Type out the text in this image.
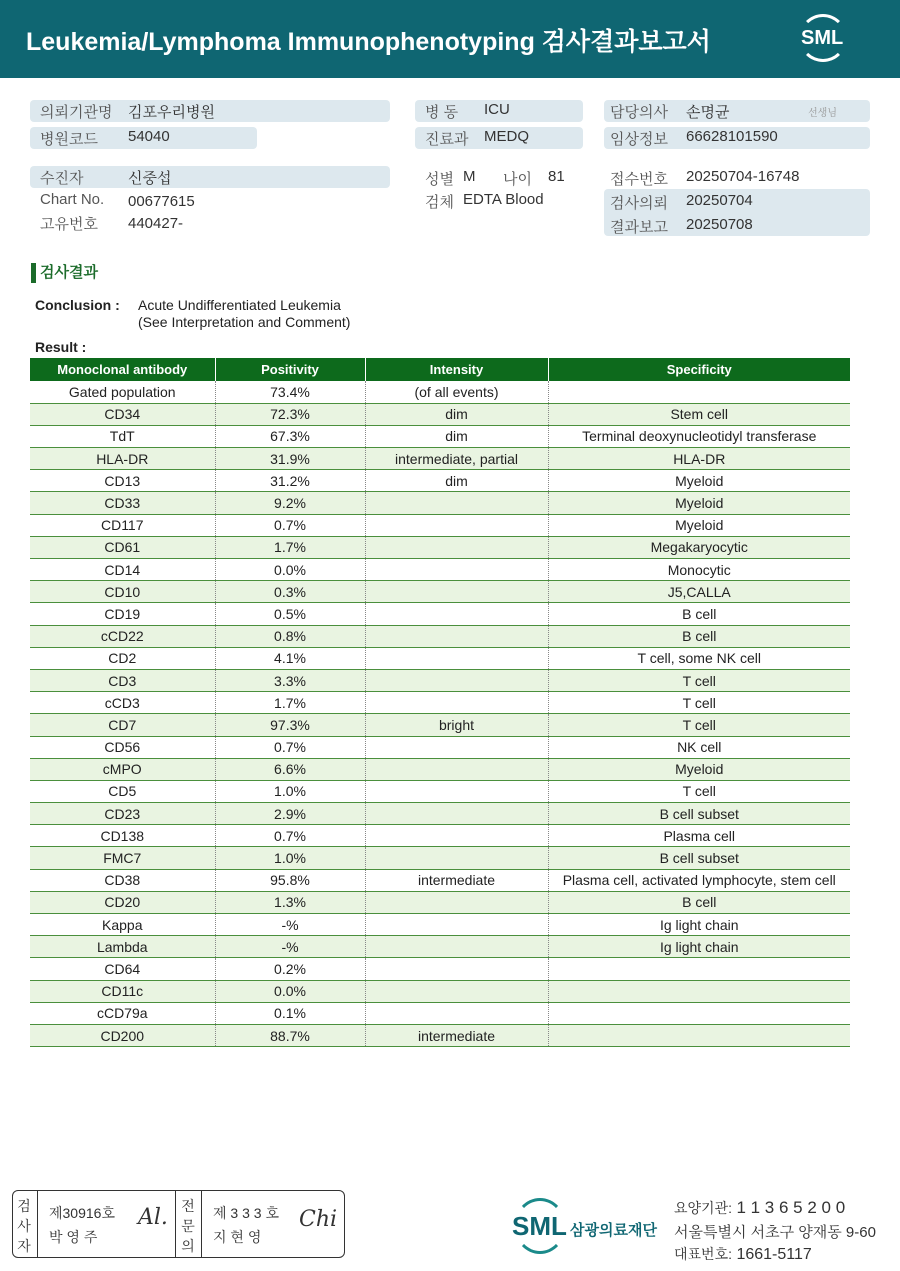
Leukemia/Lymphoma Immunophenotyping 검사결과보고서	SML
의뢰기관명 김포우리병원
병원코드 54040
병 동 ICU
진료과 MEDQ
담당의사 손명균	선생님
임상정보 66628101590
수진자	신중섭
Chart No. 00677615
고유번호 440427-
성별 M 나이 81
검체 EDTA Blood
접수번호 20250704-16748
검사의뢰 20250704
결과보고 20250708
검사결과
Conclusion : Acute Undifferentiated Leukemia
(See Interpretation and Comment)
Result :
Monoclonal antibody	Positivity	Intensity	Specificity
Gated population	73.4%	(of all events)	
CD34	72.3%	dim	Stem cell
TdT	67.3%	dim	Terminal deoxynucleotidyl transferase
HLA-DR	31.9%	intermediate, partial	HLA-DR
CD13	31.2%	dim	Myeloid
CD33	9.2%		Myeloid
CD117	0.7%		Myeloid
CD61	1.7%		Megakaryocytic
CD14	0.0%		Monocytic
CD10	0.3%		J5,CALLA
CD19	0.5%		B cell
cCD22	0.8%		B cell
CD2	4.1%		T cell, some NK cell
CD3	3.3%		T cell
cCD3	1.7%		T cell
CD7	97.3%	bright	T cell
CD56	0.7%		NK cell
cMPO	6.6%		Myeloid
CD5	1.0%		T cell
CD23	2.9%		B cell subset
CD138	0.7%		Plasma cell
FMC7	1.0%		B cell subset
CD38	95.8%	intermediate	Plasma cell, activated lymphocyte, stem cell
CD20	1.3%		B cell
Kappa	-%		Ig light chain
Lambda	-%		Ig light chain
CD64	0.2%		
CD11c	0.0%		
cCD79a	0.1%		
CD200	88.7%	intermediate	
검
사
자
제30916호
박 영 주
Al. 전
문
의
제 3 3 3 호
지 현 영
Chi	SML 삼광의료재단
요양기관: 1 1 3 6 5 2 0 0
서울특별시 서초구 양재동 9-60
대표번호: 1661-5117
